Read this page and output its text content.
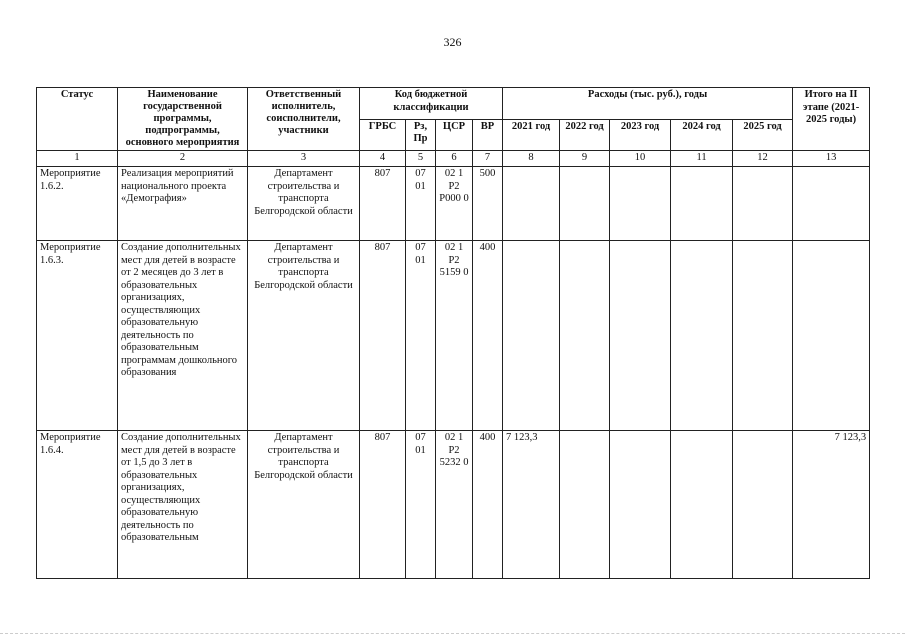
326
Статус	Наименование государственной программы, подпрограммы, основного мероприятия	Ответственный исполнитель, соисполнители, участники	Код бюджетной классификации				Расходы (тыс. руб.), годы					Итого на II этапе (2021-2025 годы)
			ГРБС	Рз, Пр	ЦСР	ВР	2021 год	2022 год	2023 год	2024 год	2025 год	
1	2	3	4	5	6	7	8	9	10	11	12	13
Мероприятие 1.6.2.	Реализация мероприятий национального проекта «Демография»	Департамент строительства и транспорта Белгородской области	807	07 01	02 1 P2 P000 0	500						
Мероприятие 1.6.3.	Создание дополнительных мест для детей в возрасте от 2 месяцев до 3 лет в образовательных организациях, осуществляющих образовательную деятельность по образовательным программам дошкольного образования	Департамент строительства и транспорта Белгородской области	807	07 01	02 1 P2 5159 0	400						
Мероприятие 1.6.4.	Создание дополнительных мест для детей в возрасте от 1,5 до 3 лет в образовательных организациях, осуществляющих образовательную деятельность по образовательным	Департамент строительства и транспорта Белгородской области	807	07 01	02 1 P2 5232 0	400	7 123,3					7 123,3
